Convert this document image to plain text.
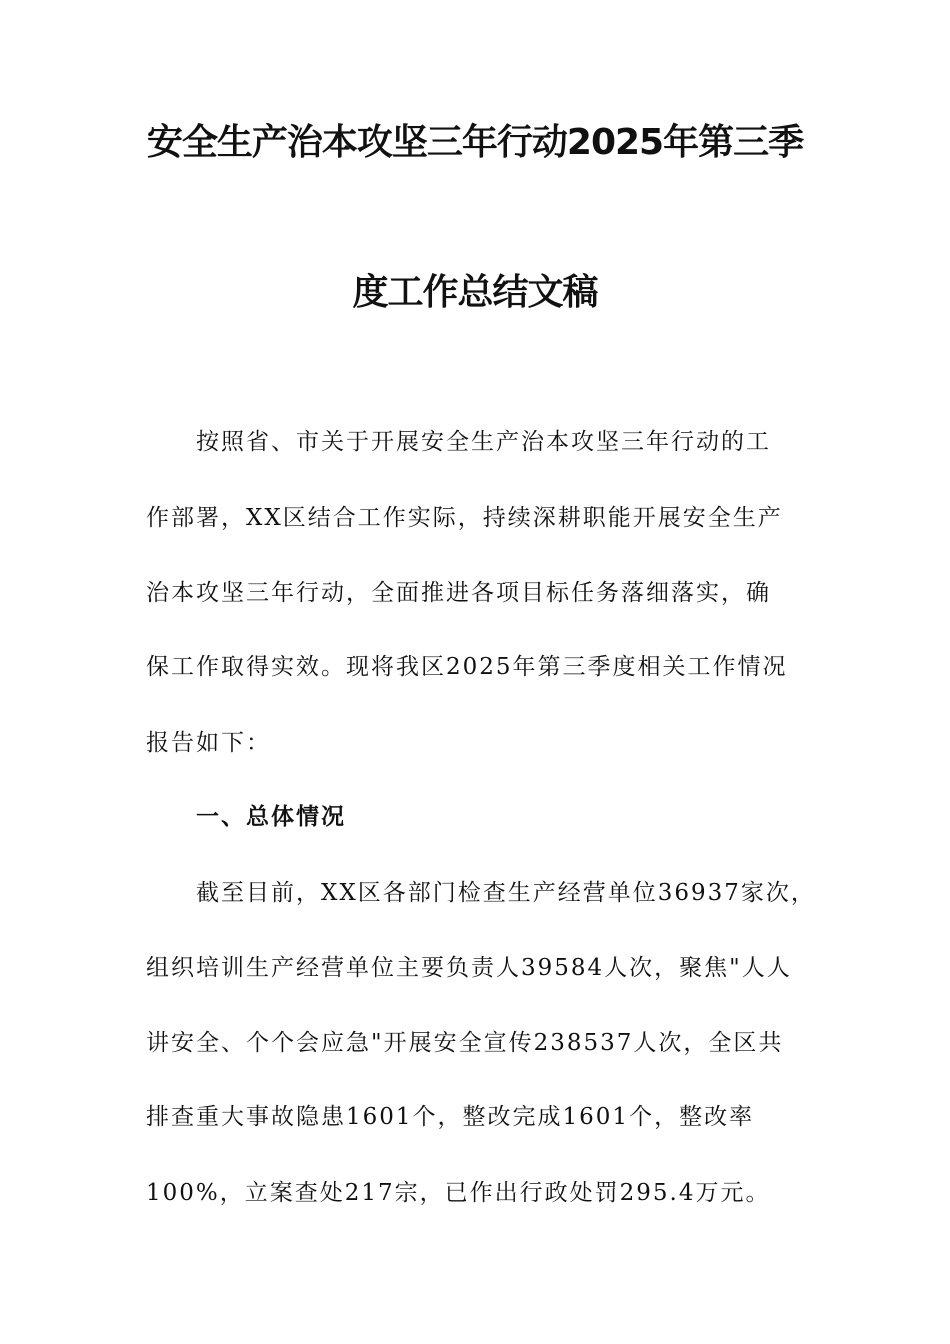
安全生产治本攻坚三年行动2025年第三季
度工作总结文稿
按照省、市关于开展安全生产治本攻坚三年行动的工
作部署，XX区结合工作实际，持续深耕职能开展安全生产
治本攻坚三年行动，全面推进各项目标任务落细落实，确
保工作取得实效。现将我区2025年第三季度相关工作情况
报告如下：
一、总体情况
截至目前，XX区各部门检查生产经营单位36937家次，
组织培训生产经营单位主要负责人39584人次，聚焦"人人
讲安全、个个会应急"开展安全宣传238537人次，全区共
排查重大事故隐患1601个，整改完成1601个，整改率
100%，立案查处217宗，已作出行政处罚295.4万元。
